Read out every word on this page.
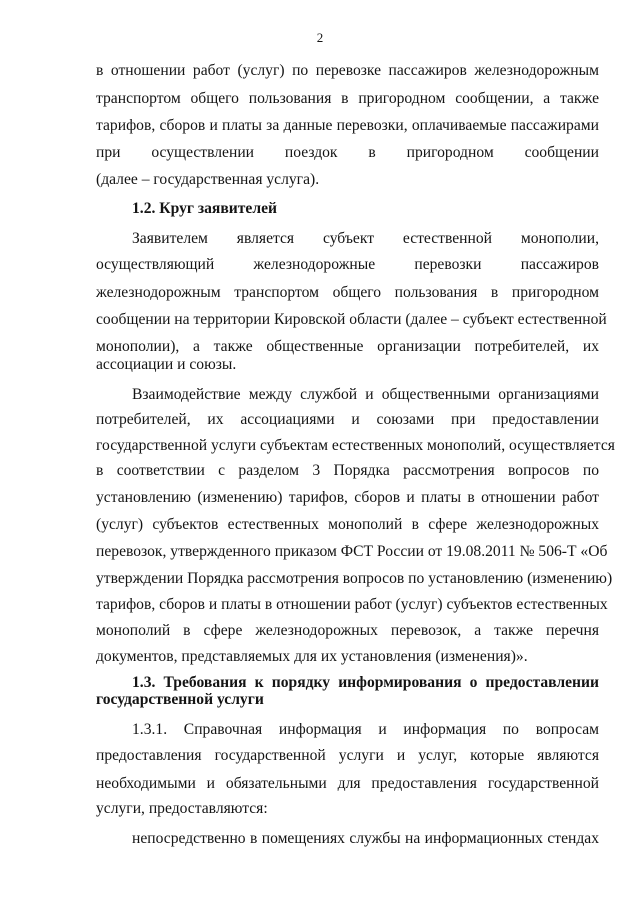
2
в отношении работ (услуг) по перевозке пассажиров железнодорожным
транспортом общего пользования в пригородном сообщении, а также
тарифов, сборов и платы за данные перевозки, оплачиваемые пассажирами
при осуществлении поездок в пригородном сообщении
(далее – государственная услуга).
1.2. Круг заявителей
Заявителем является субъект естественной монополии,
осуществляющий железнодорожные перевозки пассажиров
железнодорожным транспортом общего пользования в пригородном
сообщении на территории Кировской области (далее – субъект естественной
монополии), а также общественные организации потребителей, их
ассоциации и союзы.
Взаимодействие между службой и общественными организациями
потребителей, их ассоциациями и союзами при предоставлении
государственной услуги субъектам естественных монополий, осуществляется
в соответствии с разделом 3 Порядка рассмотрения вопросов по
установлению (изменению) тарифов, сборов и платы в отношении работ
(услуг) субъектов естественных монополий в сфере железнодорожных
перевозок, утвержденного приказом ФСТ России от 19.08.2011 № 506-Т «Об
утверждении Порядка рассмотрения вопросов по установлению (изменению)
тарифов, сборов и платы в отношении работ (услуг) субъектов естественных
монополий в сфере железнодорожных перевозок, а также перечня
документов, представляемых для их установления (изменения)».
1.3. Требования к порядку информирования о предоставлении
государственной услуги
1.3.1. Справочная информация и информация по вопросам
предоставления государственной услуги и услуг, которые являются
необходимыми и обязательными для предоставления государственной
услуги, предоставляются:
непосредственно в помещениях службы на информационных стендах
